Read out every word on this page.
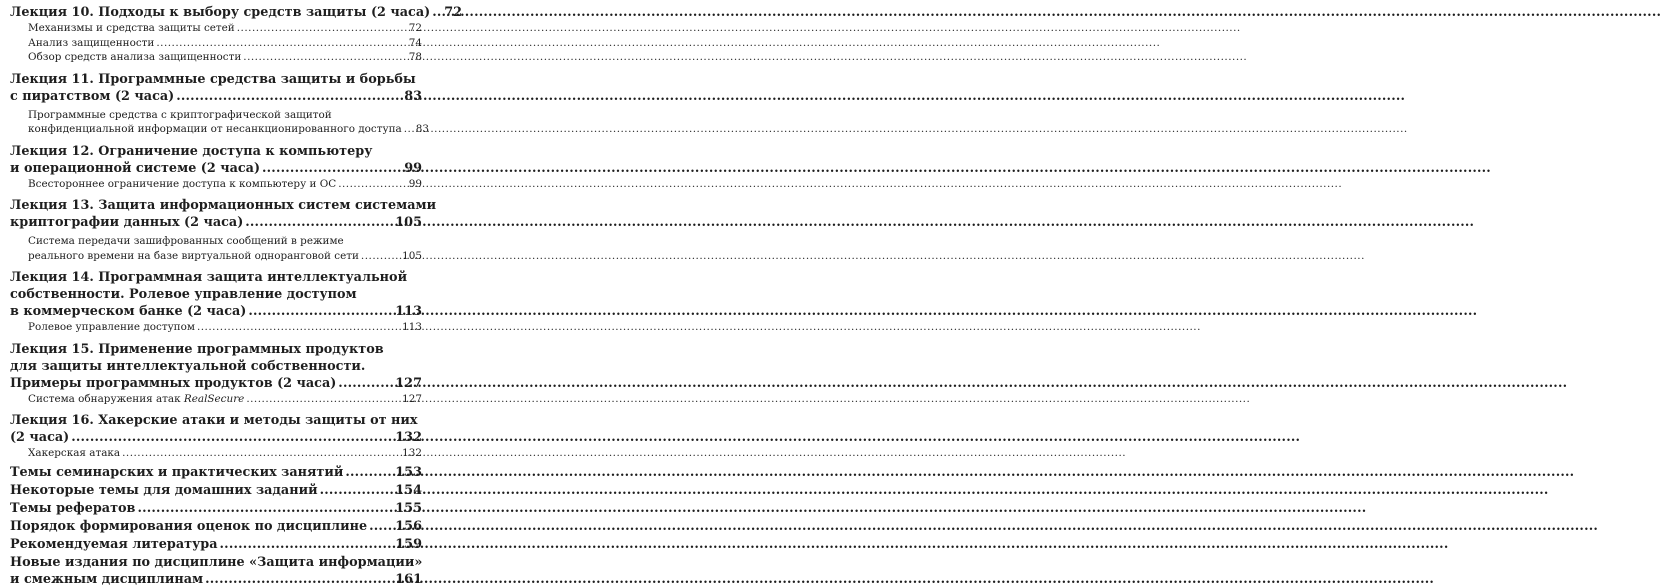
Лекция 10. Подходы к выбору средств защиты (2 часа) ..... 72
Механизмы и средства защиты сетей .....	72
Анализ защищенности .....	74
Обзор средств анализа защищенности .....	78
Лекция 11. Программные средства защиты и борьбы
с пиратством (2 часа) .....	83
Программные средства с криптографической защитой
конфиденциальной информации от несанкционированного доступа ..... 83
Лекция 12. Ограничение доступа к компьютеру
и операционной системе (2 часа) .....	99
Всестороннее ограничение доступа к компьютеру и ОС .....	99
Лекция 13. Защита информационных систем системами
криптографии данных (2 часа) .....	105
Система передачи зашифрованных сообщений в режиме
реального времени на базе виртуальной одноранговой сети .....	105
Лекция 14. Программная защита интеллектуальной
собственности. Ролевое управление доступом
в коммерческом банке (2 часа) .....	113
Ролевое управление доступом .....	113
Лекция 15. Применение программных продуктов
для защиты интеллектуальной собственности.
Примеры программных продуктов (2 часа) .....	127
Система обнаружения атак RealSecure .....	127
Лекция 16. Хакерские атаки и методы защиты от них
(2 часа) .....	132
Хакерская атака .....	132
Темы семинарских и практических занятий .....	153
Некоторые темы для домашних заданий .....	154
Темы рефератов .....	155
Порядок формирования оценок по дисциплине ..... 156
Рекомендуемая литература .....	159
Новые издания по дисциплине «Защита информации»
и смежным дисциплинам .....	161
